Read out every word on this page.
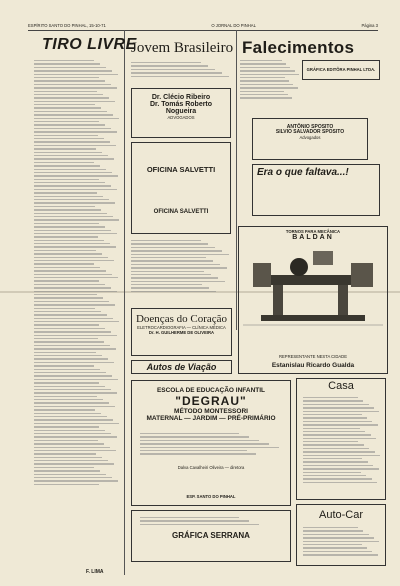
ESPÍRITO SANTO DO PINHAL, 15-10-71	O JORNAL DO PINHAL	Página 3
TIRO LIVRE
F. LIMA
Jovem Brasileiro
Dr. Clécio Ribeiro
Dr. Tomás Roberto
Nogueira
ADVOGADOS
OFICINA SALVETTI
OFICINA SALVETTI
Doenças do Coração
ELETROCARDIOGRAFIA — CLÍNICA MÉDICA
Dr. H. GUILHERME DE OLIVEIRA
Autos de Viação
Falecimentos
GRÁFICA EDITÔRA PINHAL LTDA.
ANTÔNIO SPOSITO
SILVIO SALVADOR SPOSITO
Advogados
Era o que faltava...!
TORNOS PARA MECÂNICA
BALDAN
REPRESENTANTE NESTA CIDADE
Estanislau Ricardo Gualda
ESCOLA DE EDUCAÇÃO INFANTIL
"DEGRAU"
MÉTODO MONTESSORI
MATERNAL — JARDIM — PRÉ-PRIMÁRIO
Dalva Cavalheiri Oliveira — diretora
ESP. SANTO DO PINHAL
GRÁFICA SERRANA
Casa
Auto-Car
